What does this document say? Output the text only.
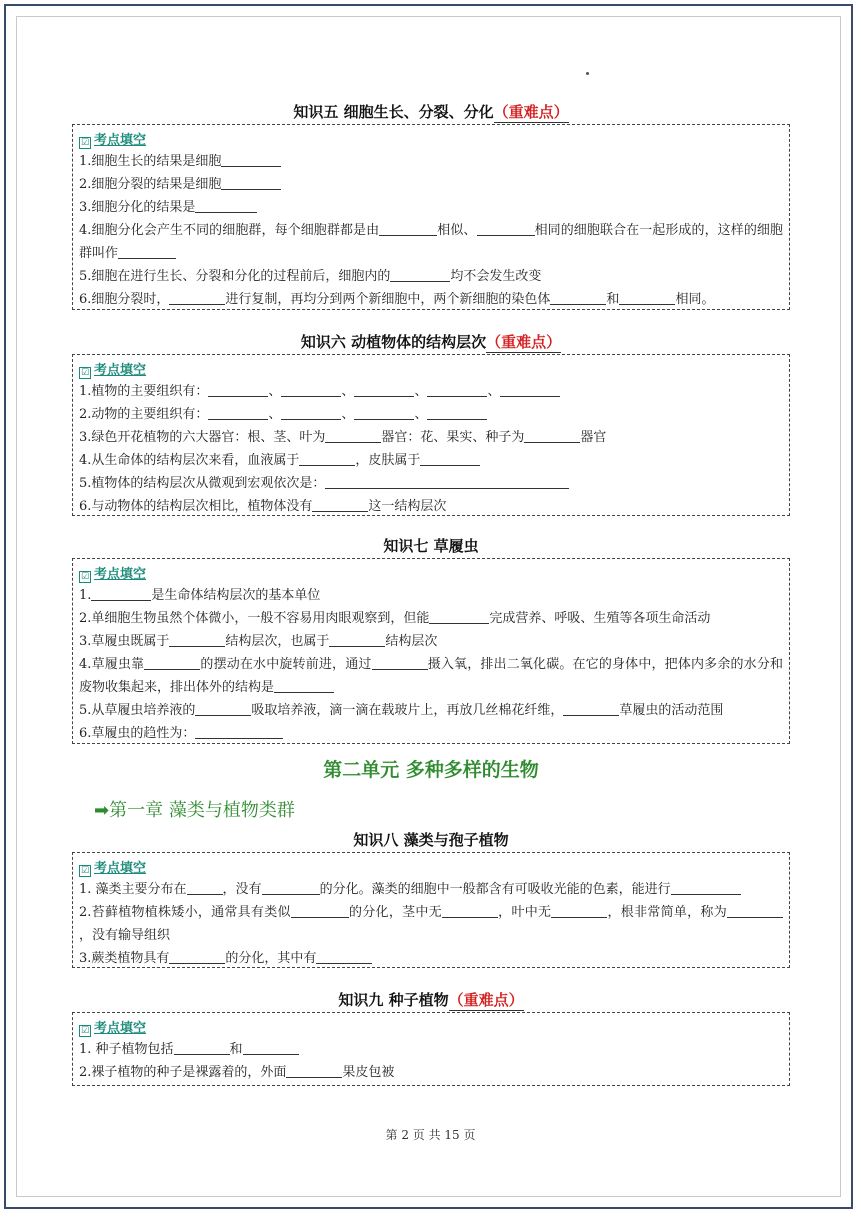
知识五 细胞生长、分裂、分化（重难点）
☑ 考点填空
1.细胞生长的结果是细胞
2.细胞分裂的结果是细胞
3.细胞分化的结果是
4.细胞分化会产生不同的细胞群，每个细胞群都是由	相似、	相同的细胞联合在一起形成的，这样的细胞群叫作
5.细胞在进行生长、分裂和分化的过程前后，细胞内的	均不会发生改变
6.细胞分裂时，	进行复制，再均分到两个新细胞中，两个新细胞的染色体	和	相同。
知识六 动植物体的结构层次（重难点）
☑ 考点填空
1.植物的主要组织有：	、	、	、	、
2.动物的主要组织有：	、	、	、
3.绿色开花植物的六大器官：根、茎、叶为	器官：花、果实、种子为	器官
4.从生命体的结构层次来看，血液属于	，皮肤属于
5.植物体的结构层次从微观到宏观依次是：
6.与动物体的结构层次相比，植物体没有	这一结构层次
知识七 草履虫
☑ 考点填空
1.	是生命体结构层次的基本单位
2.单细胞生物虽然个体微小，一般不容易用肉眼观察到，但能	完成营养、呼吸、生殖等各项生命活动
3.草履虫既属于	结构层次，也属于	结构层次
4.草履虫靠	的摆动在水中旋转前进，通过	摄入氧，排出二氧化碳。在它的身体中，把体内多余的水分和废物收集起来，排出体外的结构是
5.从草履虫培养液的	吸取培养液，滴一滴在载玻片上，再放几丝棉花纤维，	草履虫的活动范围
6.草履虫的趋性为：
第二单元 多种多样的生物
➡第一章 藻类与植物类群
知识八 藻类与孢子植物
☑ 考点填空
1. 藻类主要分布在	，没有	的分化。藻类的细胞中一般都含有可吸收光能的色素，能进行
2.苔藓植物植株矮小，通常具有类似	的分化，茎中无	，叶中无	，根非常简单，称为，没有输导组织
3.蕨类植物具有	的分化，其中有
知识九 种子植物（重难点）
☑ 考点填空
1. 种子植物包括	和
2.裸子植物的种子是裸露着的，外面	果皮包被
第 2 页 共 15 页
